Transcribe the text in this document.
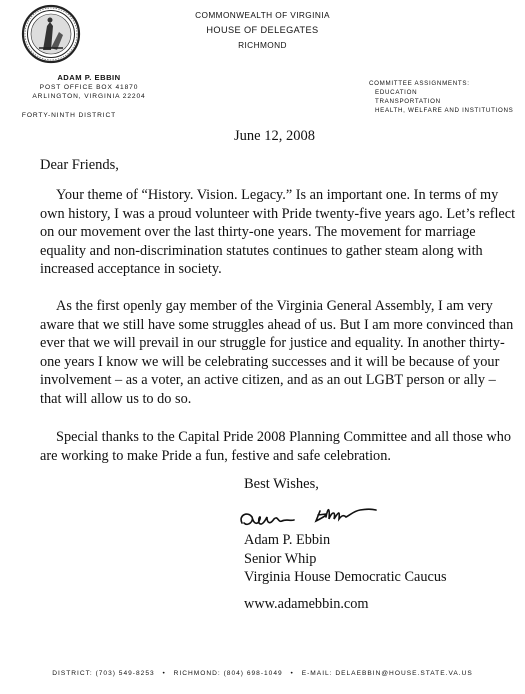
COMMONWEALTH OF VIRGINIA
HOUSE OF DELEGATES
RICHMOND
ADAM P. EBBIN
POST OFFICE BOX 41870
ARLINGTON, VIRGINIA 22204
FORTY-NINTH DISTRICT
COMMITTEE ASSIGNMENTS:
EDUCATION
TRANSPORTATION
HEALTH, WELFARE AND INSTITUTIONS
June 12, 2008
Dear Friends,

Your theme of “History. Vision. Legacy.” Is an important one. In terms of my own history, I was a proud volunteer with Pride twenty-five years ago. Let’s reflect on our movement over the last thirty-one years. The movement for marriage equality and non-discrimination statutes continues to gather steam along with increased acceptance in society.

As the first openly gay member of the Virginia General Assembly, I am very aware that we still have some struggles ahead of us. But I am more convinced than ever that we will prevail in our struggle for justice and equality. In another thirty-one years I know we will be celebrating successes and it will be because of your involvement – as a voter, an active citizen, and as an out LGBT person or ally – that will allow us to do so.

Special thanks to the Capital Pride 2008 Planning Committee and all those who are working to make Pride a fun, festive and safe celebration.

Best Wishes,
Adam P. Ebbin
Senior Whip
Virginia House Democratic Caucus
www.adamebbin.com
DISTRICT: (703) 549-8253 • RICHMOND: (804) 698-1049 • E-MAIL: DELAEBBIN@HOUSE.STATE.VA.US
